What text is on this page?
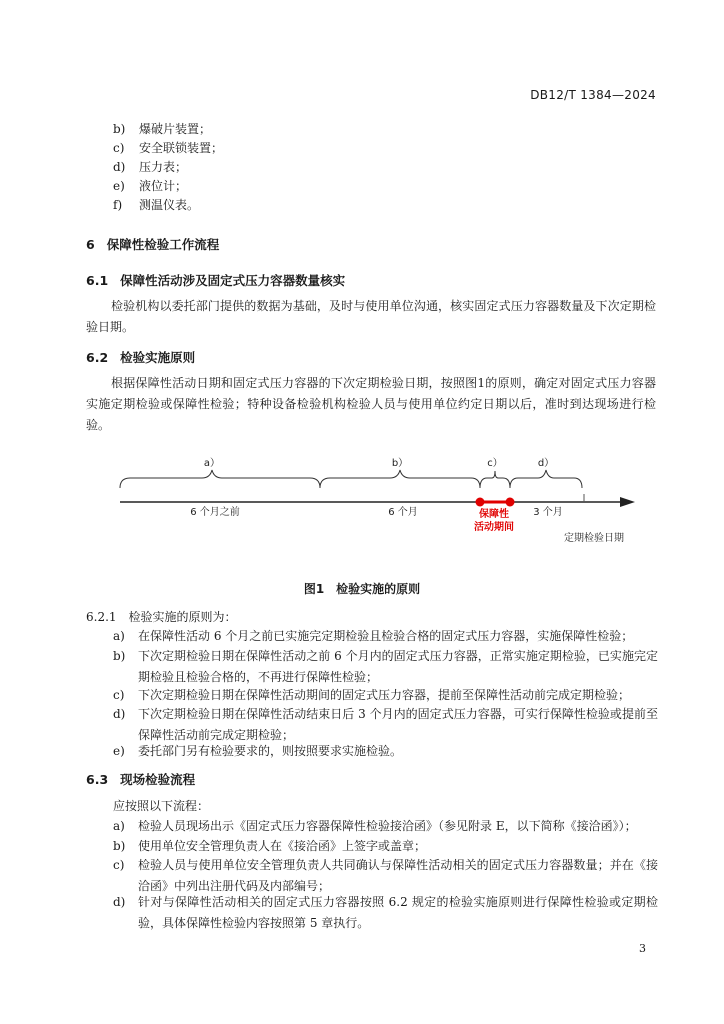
DB12/T 1384—2024
b) 爆破片装置；
c) 安全联锁装置；
d) 压力表；
e) 液位计；
f) 测温仪表。
6 保障性检验工作流程
6.1 保障性活动涉及固定式压力容器数量核实
检验机构以委托部门提供的数据为基础，及时与使用单位沟通，核实固定式压力容器数量及下次定期检验日期。
6.2 检验实施原则
根据保障性活动日期和固定式压力容器的下次定期检验日期，按照图1的原则，确定对固定式压力容器实施定期检验或保障性检验；特种设备检验机构检验人员与使用单位约定日期以后，准时到达现场进行检验。
a）	b）	c）	d）
6 个月之前	6 个月	3 个月
保障性
活动期间
定期检验日期
图1　检验实施的原则
6.2.1 检验实施的原则为：
a) 在保障性活动 6 个月之前已实施完定期检验且检验合格的固定式压力容器，实施保障性检验；
b) 下次定期检验日期在保障性活动之前 6 个月内的固定式压力容器，正常实施定期检验，已实施完定期检验且检验合格的，不再进行保障性检验；
c) 下次定期检验日期在保障性活动期间的固定式压力容器，提前至保障性活动前完成定期检验；
d) 下次定期检验日期在保障性活动结束日后 3 个月内的固定式压力容器，可实行保障性检验或提前至保障性活动前完成定期检验；
e) 委托部门另有检验要求的，则按照要求实施检验。
6.3 现场检验流程
应按照以下流程：
a) 检验人员现场出示《固定式压力容器保障性检验接洽函》（参见附录 E，以下简称《接洽函》）；
b) 使用单位安全管理负责人在《接洽函》上签字或盖章；
c) 检验人员与使用单位安全管理负责人共同确认与保障性活动相关的固定式压力容器数量；并在《接洽函》中列出注册代码及内部编号；
d) 针对与保障性活动相关的固定式压力容器按照 6.2 规定的检验实施原则进行保障性检验或定期检验，具体保障性检验内容按照第 5 章执行。
3
